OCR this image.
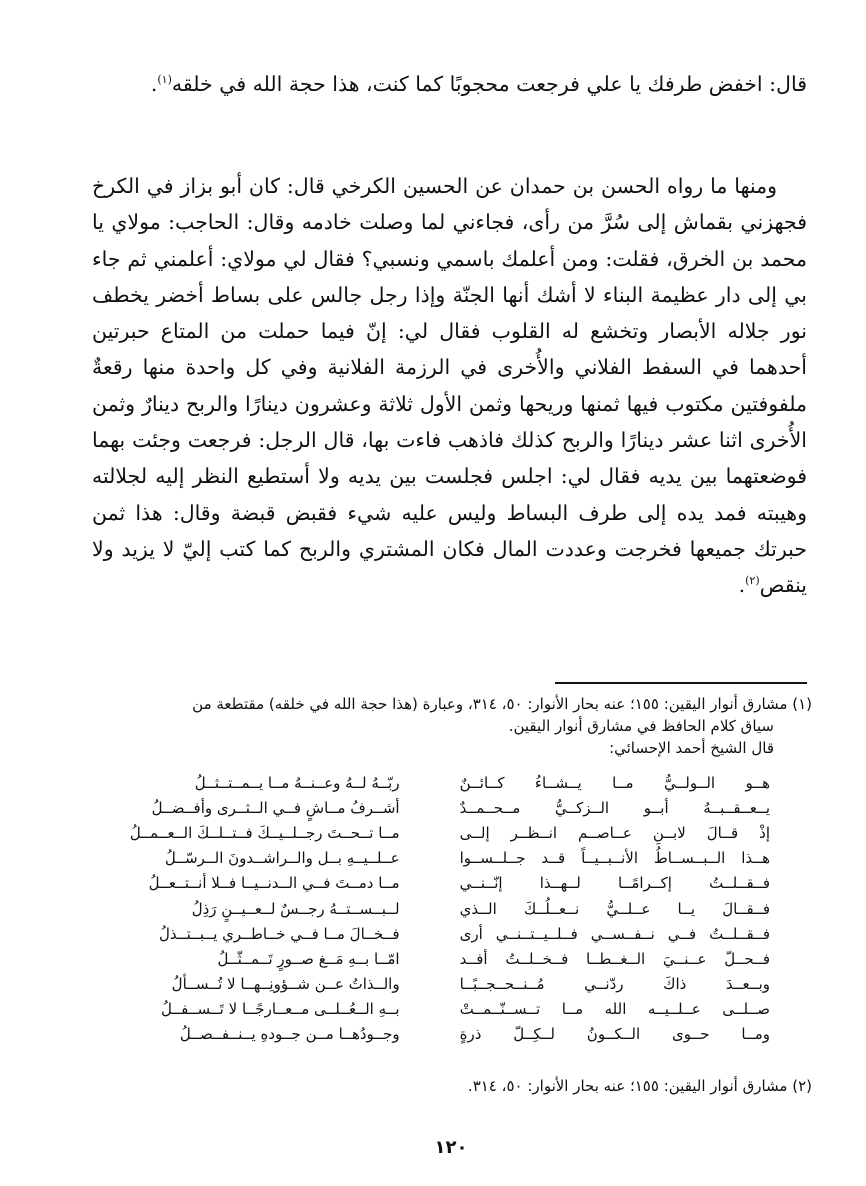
قال: اخفض طرفك يا علي فرجعت محجوبًا كما كنت، هذا حجة الله في خلقه$^{(١)}$.

ومنها ما رواه الحسن بن حمدان عن الحسين الكرخي قال: كان أبو بزاز في الكرخ فجهزني بقماش إلى سُرَّ من رأى، فجاءني لما وصلت خادمه وقال: الحاجب: مولاي يا محمد بن الخرق، فقلت: ومن أعلمك باسمي ونسبي؟ فقال لي مولاي: أعلمني ثم جاء بي إلى دار عظيمة البناء لا أشك أنها الجنّة وإذا رجل جالس على بساط أخضر يخطف نور جلاله الأبصار وتخشع له القلوب فقال لي: إنّ فيما حملت من المتاع حبرتين أحدهما في السفط الفلاني والأُخرى في الرزمة الفلانية وفي كل واحدة منها رقعةٌ ملفوفتين مكتوب فيها ثمنها وريحها وثمن الأول ثلاثة وعشرون دينارًا والربح دينارٌ وثمن الأُخرى اثنا عشر دينارًا والربح كذلك فاذهب فاءت بها، قال الرجل: فرجعت وجئت بهما فوضعتهما بين يديه فقال لي: اجلس فجلست بين يديه ولا أستطيع النظر إليه لجلالته وهيبته فمد يده إلى طرف البساط وليس عليه شيء فقبض قبضة وقال: هذا ثمن حبرتك جميعها فخرجت وعددت المال فكان المشتري والربح كما كتب إليّ لا يزيد ولا ينقص$^{(٢)}$.

(١) مشارق أنوار اليقين: ١٥٥؛ عنه بحار الأنوار: ٥٠، ٣١٤، وعبارة (هذا حجة الله في خلقه) مقتطعة من
سياق كلام الحافظ في مشارق أنوار اليقين.
قال الشيخ أحمد الإحسائي:
هــو الــولــيُّ مــا يــشــاءُ كــائــنٌ
ربّــهُ لــهُ وعــنــهُ مــا يــمــتــثــلُ
يــعــقــبــهُ أبــو الــزكــيُّ مــحــمــدٌ
أشــرفُ مــاشٍ فــي الــثــرى وأفــضــلُ
إذْ قــالَ لابــنِ عــاصــم انــظــر إلــى
مــا تــحــتَ رجــلــيــكَ فــتــلــكَ الــعــمــلُ
هــذا الــبــســاطُ الأنــبــيــاً قــد جــلــســوا
عــلــيــهِ بــل والــراشــدونَ الــرسّــلُ
فــقــلــتُ إكــرامًــا لــهــذا إنّــنــي
مــا دمــتَ فــي الــدنــيــا فــلا أنــتــعــلُ
فــقــالَ يــا عــلــيُّ نــعــلُــكَ الــذي
لــبــســتــهُ رجــسٌ لــعــيــنٍ رَذِلُ
فــقــلــتُ فــي نــفــســي فــلــيــتــنــي أرى
فــخــالَ مــا فــي خــاطــري يــبــتــذلُ
فــحــلّ عــنــيَ الــغــطــا فــخــلــتُ أفــد
امّــا بــهِ مَــغ صــورٍ تَــمــثّــلُ
وبــعــدَ ذاكَ ردّنــي مُــنــحــجــبًــا
والــذاتُ عــن شــؤونِــهــا لا تُــســألُ
صــلــى عــلــيــه الله مــا تــســنّــمــتْ
بــهِ الــعُــلــى مــعــارجًــا لا تَــســفــلُ
ومــا حــوى الــكــونُ لــكِــلّ ذرةٍ
وجــودُهــا مــن جــودهِ يــنــفــصــلُ
(٢) مشارق أنوار اليقين: ١٥٥؛ عنه بحار الأنوار: ٥٠، ٣١٤.
١٢٠
